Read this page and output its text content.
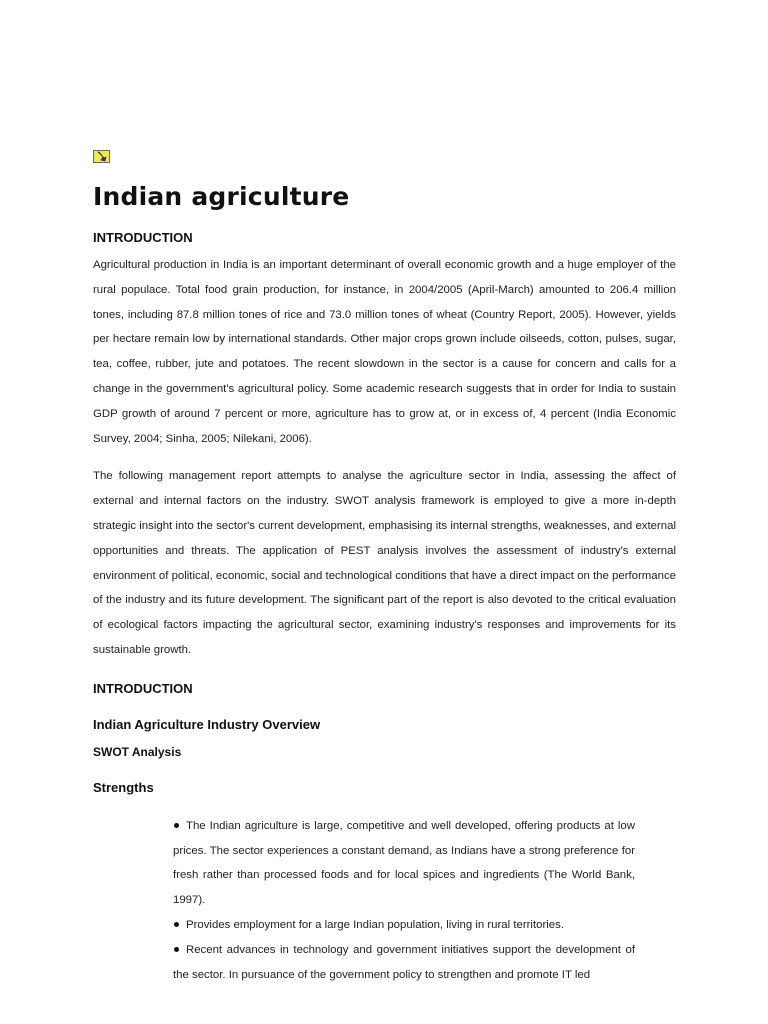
Indian agriculture
INTRODUCTION

Agricultural production in India is an important determinant of overall economic growth and a huge employer of the rural populace. Total food grain production, for instance, in 2004/2005 (April-March) amounted to 206.4 million tones, including 87.8 million tones of rice and 73.0 million tones of wheat (Country Report, 2005). However, yields per hectare remain low by international standards. Other major crops grown include oilseeds, cotton, pulses, sugar, tea, coffee, rubber, jute and potatoes. The recent slowdown in the sector is a cause for concern and calls for a change in the government's agricultural policy. Some academic research suggests that in order for India to sustain GDP growth of around 7 percent or more, agriculture has to grow at, or in excess of, 4 percent (India Economic Survey, 2004; Sinha, 2005; Nilekani, 2006).

The following management report attempts to analyse the agriculture sector in India, assessing the affect of external and internal factors on the industry. SWOT analysis framework is employed to give a more in-depth strategic insight into the sector's current development, emphasising its internal strengths, weaknesses, and external opportunities and threats. The application of PEST analysis involves the assessment of industry's external environment of political, economic, social and technological conditions that have a direct impact on the performance of the industry and its future development. The significant part of the report is also devoted to the critical evaluation of ecological factors impacting the agricultural sector, examining industry's responses and improvements for its sustainable growth.

INTRODUCTION
Indian Agriculture Industry Overview
SWOT Analysis
Strengths
The Indian agriculture is large, competitive and well developed, offering products at low prices. The sector experiences a constant demand, as Indians have a strong preference for fresh rather than processed foods and for local spices and ingredients (The World Bank, 1997).
Provides employment for a large Indian population, living in rural territories.
Recent advances in technology and government initiatives support the development of the sector. In pursuance of the government policy to strengthen and promote IT led
